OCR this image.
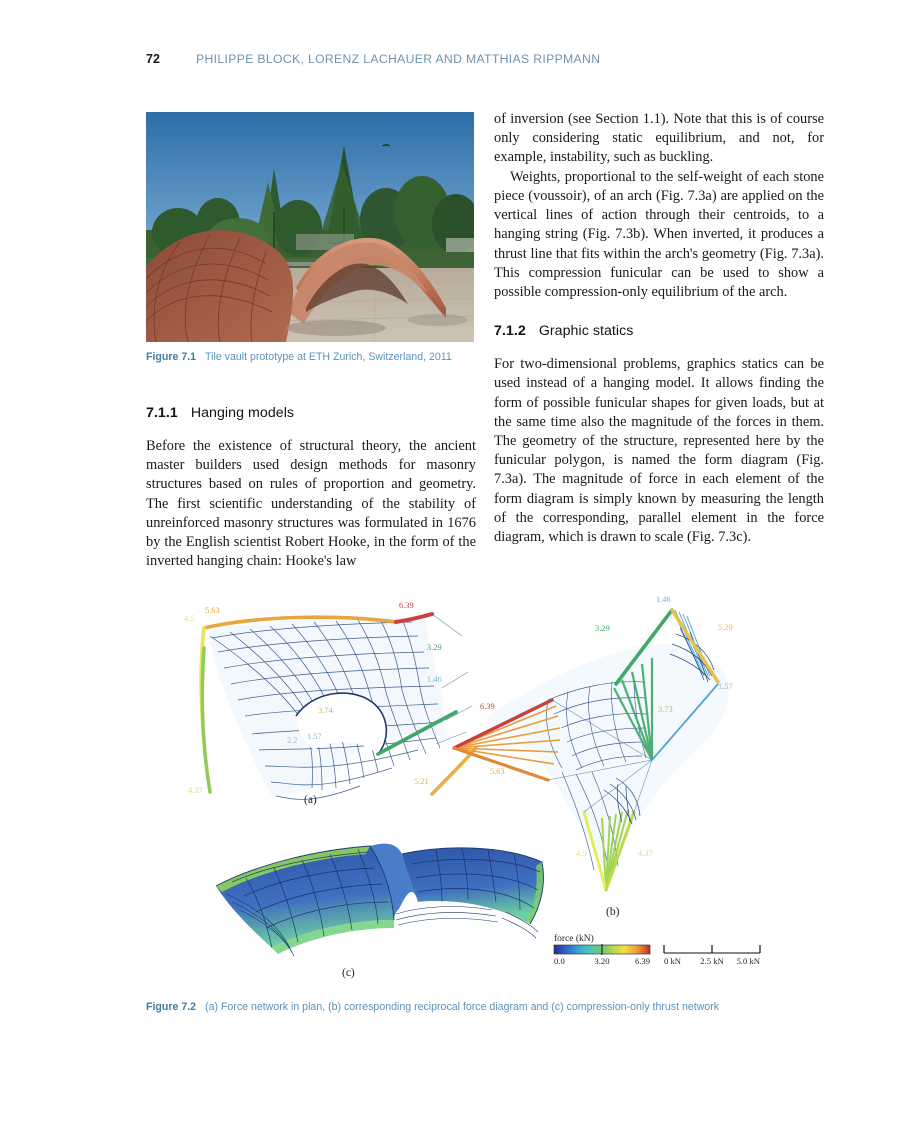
72	PHILIPPE BLOCK, LORENZ LACHAUER AND MATTHIAS RIPPMANN
Figure 7.1 Tile vault prototype at ETH Zurich, Switzerland, 2011
7.1.1 Hanging models

Before the existence of structural theory, the ancient master builders used design methods for masonry structures based on rules of proportion and geometry. The first scientific understanding of the stability of unreinforced masonry structures was formulated in 1676 by the English scientist Robert Hooke, in the form of the inverted hanging chain: Hooke's law

of inversion (see Section 1.1). Note that this is of course only considering static equilibrium, and not, for example, instability, such as buckling.

Weights, proportional to the self-weight of each stone piece (voussoir), of an arch (Fig. 7.3a) are applied on the vertical lines of action through their centroids, to a hanging string (Fig. 7.3b). When inverted, it produces a thrust line that fits within the arch's geometry (Fig. 7.3a). This compression funicular can be used to show a possible compression-only equilibrium of the arch.

7.1.2 Graphic statics

For two-dimensional problems, graphics statics can be used instead of a hanging model. It allows finding the form of possible funicular shapes for given loads, but at the same time also the magnitude of the forces in them. The geometry of the structure, represented here by the funicular polygon, is named the form diagram (Fig. 7.3a). The magnitude of force in each element of the form diagram is simply known by measuring the length of the corresponding, parallel element in the force diagram, which is drawn to scale (Fig. 7.3c).

4.5
5.63
6.39
3.29
1.46
3.74
2.2 1.57
4.37
5.21
(a)
1.46
3.29	5.20
1.57
3.73
6.39
5.63
4.37
4.5
(b)
(c)
force (kN)
0.0	3.20	6.39 0 kN 2.5 kN 5.0 kN
Figure 7.2 (a) Force network in plan, (b) corresponding reciprocal force diagram and (c) compression-only thrust network
